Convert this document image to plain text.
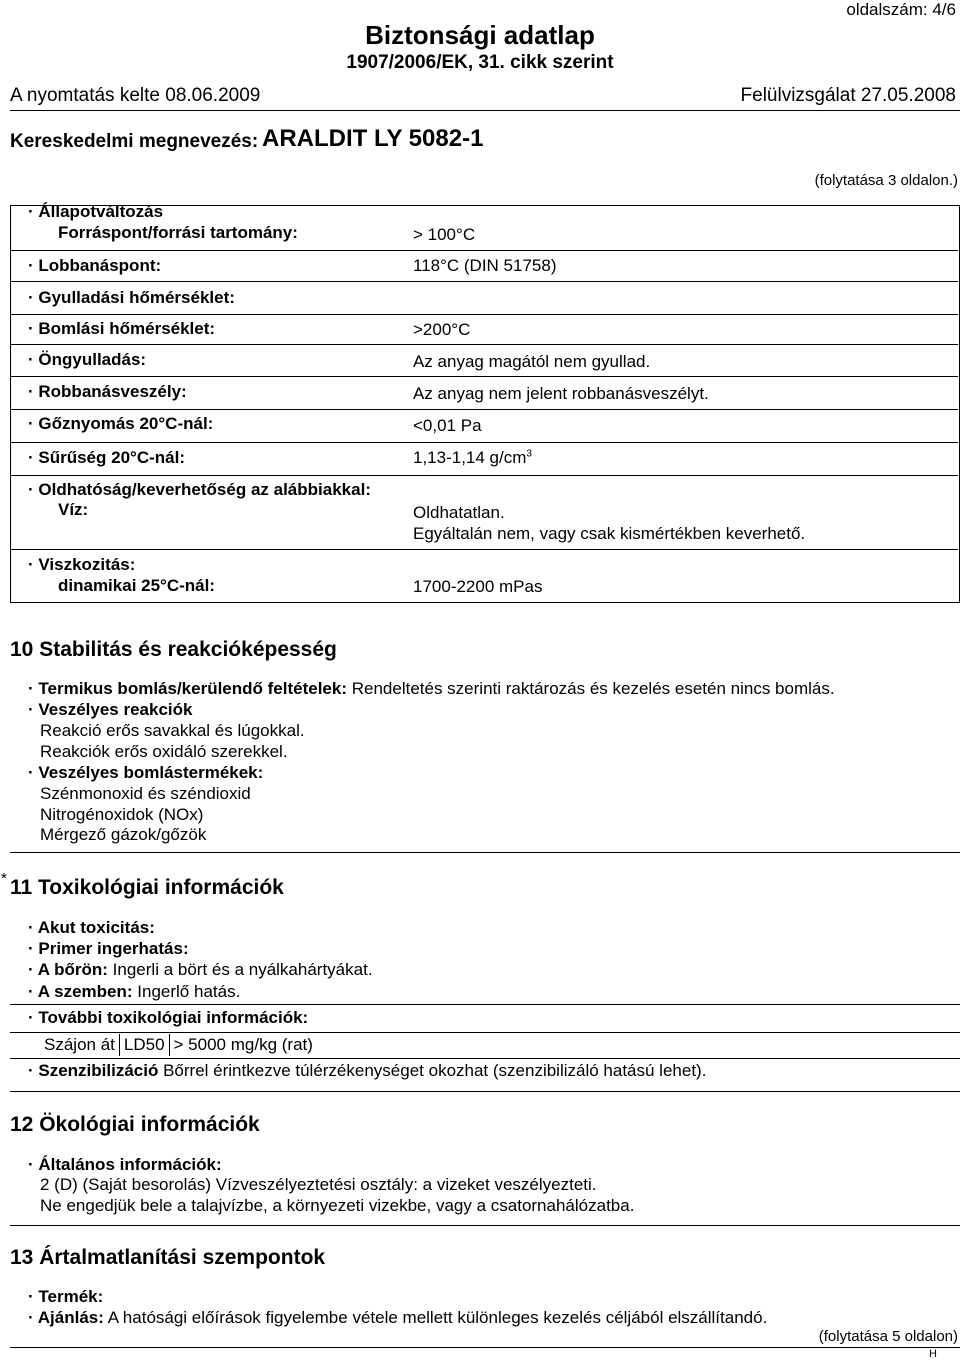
oldalszám: 4/6
Biztonsági adatlap
1907/2006/EK, 31. cikk szerint
A nyomtatás kelte 08.06.2009	Felülvizsgálat 27.05.2008
Kereskedelmi megnevezés: ARALDIT LY 5082-1
(folytatása 3 oldalon.)
· Állapotváltozás
Forráspont/forrási tartomány:	> 100°C
· Lobbanáspont:	118°C (DIN 51758)
· Gyulladási hőmérséklet:
· Bomlási hőmérséklet:	>200°C
· Öngyulladás:	Az anyag magától nem gyullad.
· Robbanásveszély:	Az anyag nem jelent robbanásveszélyt.
· Gőznyomás 20°C-nál:	<0,01 Pa
· Sűrűség 20°C-nál:	1,13-1,14 $g/cm^3$
· Oldhatóság/keverhetőség az alábbiakkal:
Víz:	Oldhatatlan.
Egyáltalán nem, vagy csak kismértékben keverhető.
· Viszkozitás:
dinamikai 25°C-nál:	1700-2200 mPas
10 Stabilitás és reakcióképesség
· Termikus bomlás/kerülendő feltételek: Rendeltetés szerinti raktározás és kezelés esetén nincs bomlás.
· Veszélyes reakciók
Reakció erős savakkal és lúgokkal.
Reakciók erős oxidáló szerekkel.
· Veszélyes bomlástermékek:
Szénmonoxid és széndioxid
Nitrogénoxidok (NOx)
Mérgező gázok/gőzök
* 11 Toxikológiai információk
· Akut toxicitás:
· Primer ingerhatás:
· A bőrön: Ingerli a bört és a nyálkahártyákat.
· A szemben: Ingerlő hatás.
· További toxikológiai információk:
Szájon át	LD50	> 5000 mg/kg (rat)
· Szenzibilizáció Bőrrel érintkezve túlérzékenységet okozhat (szenzibilizáló hatású lehet).
12 Ökológiai információk
· Általános információk:
2 (D) (Saját besorolás) Vízveszélyeztetési osztály: a vizeket veszélyezteti.
Ne engedjük bele a talajvízbe, a környezeti vizekbe, vagy a csatornahálózatba.
13 Ártalmatlanítási szempontok
· Termék:
· Ajánlás: A hatósági előírások figyelembe vétele mellett különleges kezelés céljából elszállítandó.
(folytatása 5 oldalon)
H
